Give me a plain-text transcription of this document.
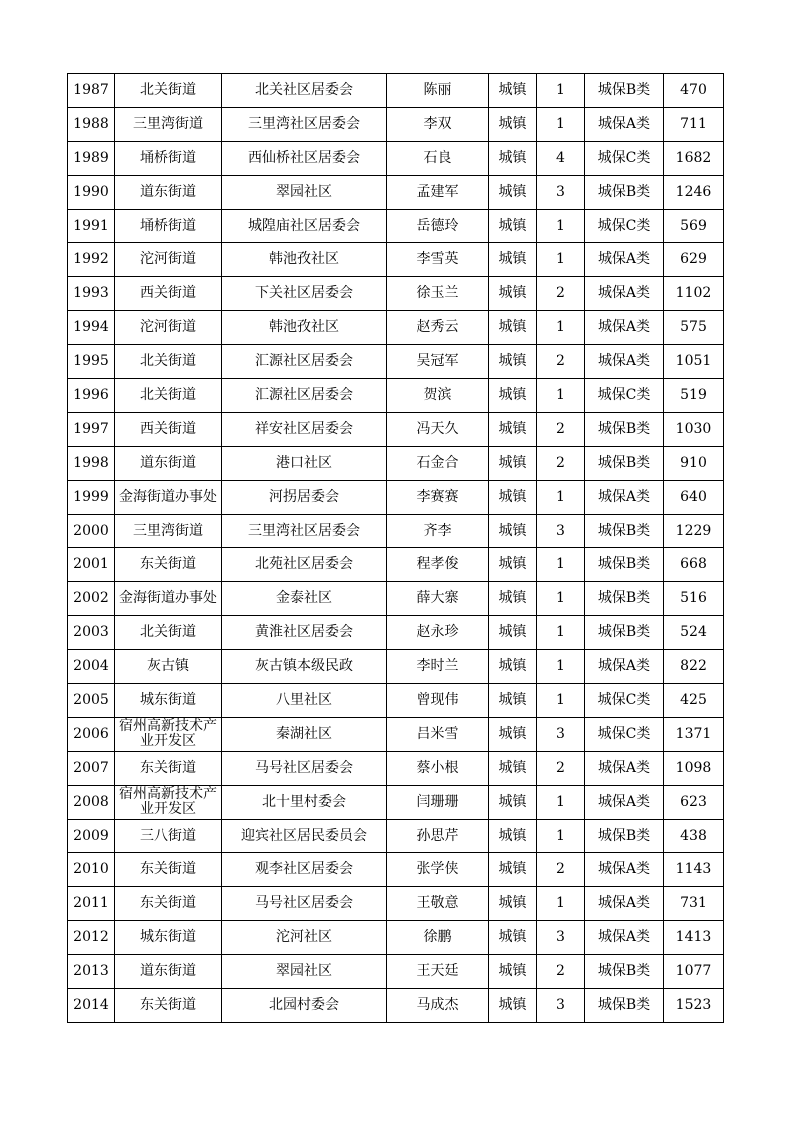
1987	北关街道	北关社区居委会	陈丽	城镇	1	城保B类	470
1988	三里湾街道	三里湾社区居委会	李双	城镇	1	城保A类	711
1989	埇桥街道	西仙桥社区居委会	石良	城镇	4	城保C类	1682
1990	道东街道	翠园社区	孟建军	城镇	3	城保B类	1246
1991	埇桥街道	城隍庙社区居委会	岳德玲	城镇	1	城保C类	569
1992	沱河街道	韩池孜社区	李雪英	城镇	1	城保A类	629
1993	西关街道	下关社区居委会	徐玉兰	城镇	2	城保A类	1102
1994	沱河街道	韩池孜社区	赵秀云	城镇	1	城保A类	575
1995	北关街道	汇源社区居委会	吴冠军	城镇	2	城保A类	1051
1996	北关街道	汇源社区居委会	贺滨	城镇	1	城保C类	519
1997	西关街道	祥安社区居委会	冯天久	城镇	2	城保B类	1030
1998	道东街道	港口社区	石金合	城镇	2	城保B类	910
1999	金海街道办事处	河拐居委会	李赛赛	城镇	1	城保A类	640
2000	三里湾街道	三里湾社区居委会	齐李	城镇	3	城保B类	1229
2001	东关街道	北苑社区居委会	程孝俊	城镇	1	城保B类	668
2002	金海街道办事处	金泰社区	薛大寨	城镇	1	城保B类	516
2003	北关街道	黄淮社区居委会	赵永珍	城镇	1	城保B类	524
2004	灰古镇	灰古镇本级民政	李时兰	城镇	1	城保A类	822
2005	城东街道	八里社区	曾现伟	城镇	1	城保C类	425
2006	宿州高新技术产业开发区	秦湖社区	吕米雪	城镇	3	城保C类	1371
2007	东关街道	马号社区居委会	蔡小根	城镇	2	城保A类	1098
2008	宿州高新技术产业开发区	北十里村委会	闫珊珊	城镇	1	城保A类	623
2009	三八街道	迎宾社区居民委员会	孙思芹	城镇	1	城保B类	438
2010	东关街道	观李社区居委会	张学侠	城镇	2	城保A类	1143
2011	东关街道	马号社区居委会	王敬意	城镇	1	城保A类	731
2012	城东街道	沱河社区	徐鹏	城镇	3	城保A类	1413
2013	道东街道	翠园社区	王天廷	城镇	2	城保B类	1077
2014	东关街道	北园村委会	马成杰	城镇	3	城保B类	1523
